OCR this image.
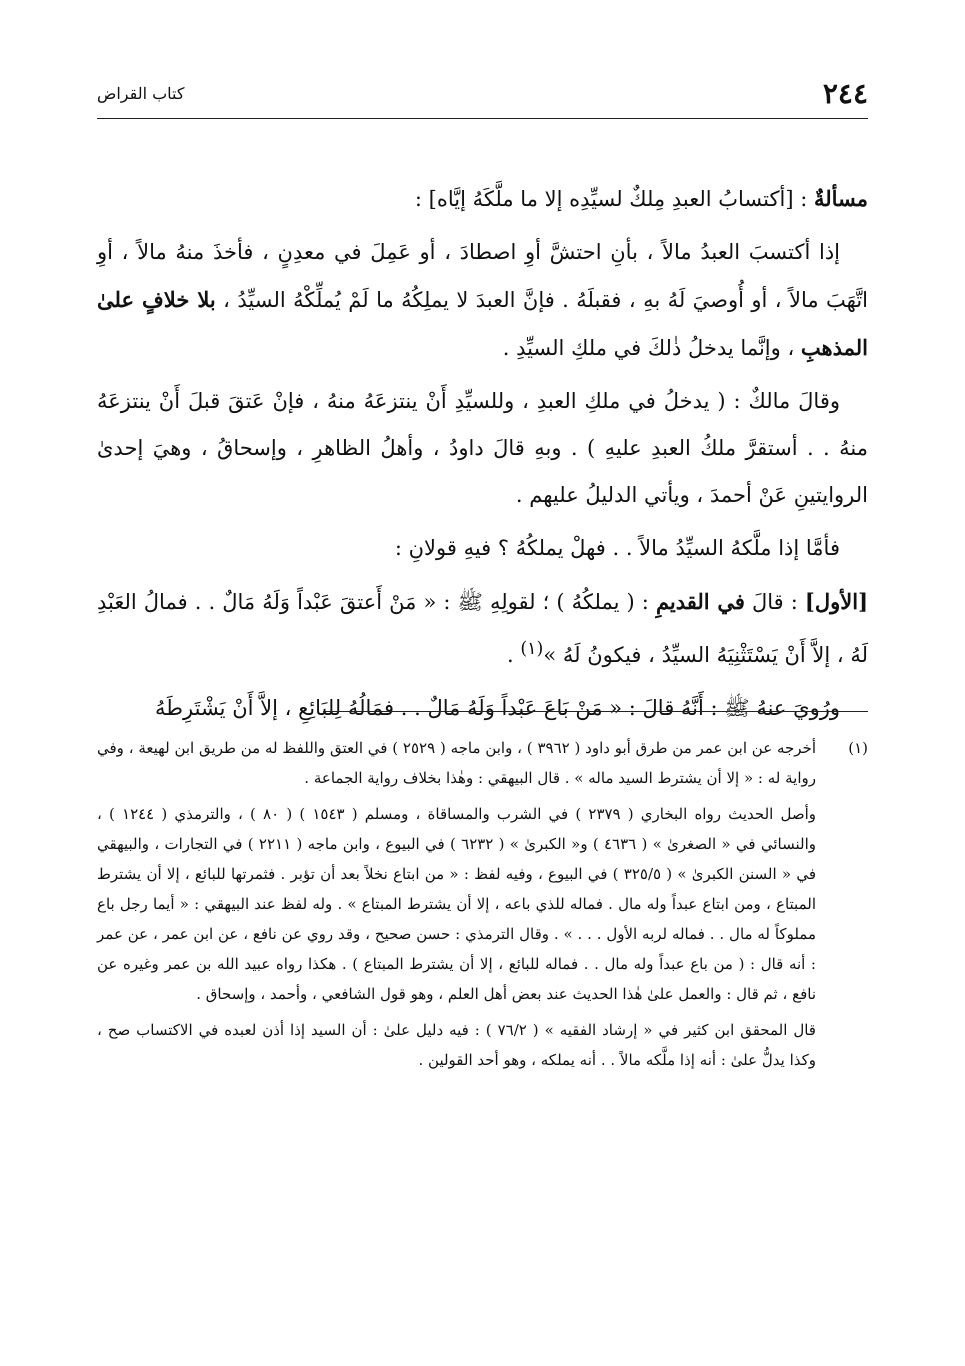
٢٤٤
كتاب القراض

مسألةٌ : [أكتسابُ العبدِ مِلكٌ لسيِّدِه إلا ما ملَّكَهُ إيَّاه] :

إذا أكتسبَ العبدُ مالاً ، بأنِ احتشَّ أوِ اصطادَ ، أو عَمِلَ في معدِنٍ ، فأخذَ منهُ مالاً ، أوِ اتَّهَبَ مالاً ، أو أُوصيَ لَهُ بهِ ، فقبلَهُ . فإنَّ العبدَ لا يملِكُهُ ما لَمْ يُملِّكْهُ السيِّدُ ، بلا خلافٍ علىٰ المذهبِ ، وإنَّما يدخلُ ذٰلكَ في ملكِ السيِّدِ .

وقالَ مالكٌ : ( يدخلُ في ملكِ العبدِ ، وللسيِّدِ أَنْ ينتزعَهُ منهُ ، فإنْ عَتقَ قبلَ أَنْ ينتزعَهُ منهُ . . أستقرَّ ملكُ العبدِ عليهِ ) . وبهِ قالَ داودُ ، وأهلُ الظاهرِ ، وإسحاقُ ، وهيَ إحدىٰ الروايتينِ عَنْ أحمدَ ، ويأتي الدليلُ عليهم .

فأمَّا إذا ملَّكهُ السيِّدُ مالاً . . فهلْ يملكُهُ ؟ فيهِ قولانِ :

[الأول] : قالَ في القديمِ : ( يملكُهُ ) ؛ لقولِهِ ﷺ : « مَنْ أَعتقَ عَبْداً وَلَهُ مَالٌ . . فمالُ العَبْدِ لَهُ ، إلاَّ أَنْ يَسْتَثْنِيَهُ السيِّدُ ، فيكونُ لَهُ »$^{(١)}$ .

ورُويَ عنهُ ﷺ : أَنَّهُ قالَ : « مَنْ بَاعَ عَبْداً وَلَهُ مَالٌ . . فمَالُهُ لِلبَائِعِ ، إلاَّ أَنْ يَشْتَرِطَهُ

(١)

أخرجه عن ابن عمر من طرق أبو داود ( ٣٩٦٢ ) ، وابن ماجه ( ٢٥٢٩ ) في العتق واللفظ له من طريق ابن لهيعة ، وفي رواية له : « إلا أن يشترط السيد ماله » . قال البيهقي : وهٰذا بخلاف رواية الجماعة .

وأصل الحديث رواه البخاري ( ٢٣٧٩ ) في الشرب والمساقاة ، ومسلم ( ١٥٤٣ ) ( ٨٠ ) ، والترمذي ( ١٢٤٤ ) ، والنسائي في « الصغرىٰ » ( ٤٦٣٦ ) و« الكبرىٰ » ( ٦٢٣٢ ) في البيوع ، وابن ماجه ( ٢٢١١ ) في التجارات ، والبيهقي في « السنن الكبرىٰ » ( ٣٢٥/٥ ) في البيوع ، وفيه لفظ : « من ابتاع نخلاً بعد أن تؤبر . فثمرتها للبائع ، إلا أن يشترط المبتاع ، ومن ابتاع عبداً وله مال . فماله للذي باعه ، إلا أن يشترط المبتاع » . وله لفظ عند البيهقي : « أيما رجل باع مملوكاً له مال . . فماله لربه الأول . . . » . وقال الترمذي : حسن صحيح ، وقد روي عن نافع ، عن ابن عمر ، عن عمر : أنه قال : ( من باع عبداً وله مال . . فماله للبائع ، إلا أن يشترط المبتاع ) . هكذا رواه عبيد الله بن عمر وغيره عن نافع ، ثم قال : والعمل علىٰ هٰذا الحديث عند بعض أهل العلم ، وهو قول الشافعي ، وأحمد ، وإسحاق .

قال المحقق ابن كثير في « إرشاد الفقيه » ( ٧٦/٢ ) : فيه دليل علىٰ : أن السيد إذا أذن لعبده في الاكتساب صح ، وكذا يدلُّ علىٰ : أنه إذا ملَّكه مالاً . . أنه يملكه ، وهو أحد القولين .
